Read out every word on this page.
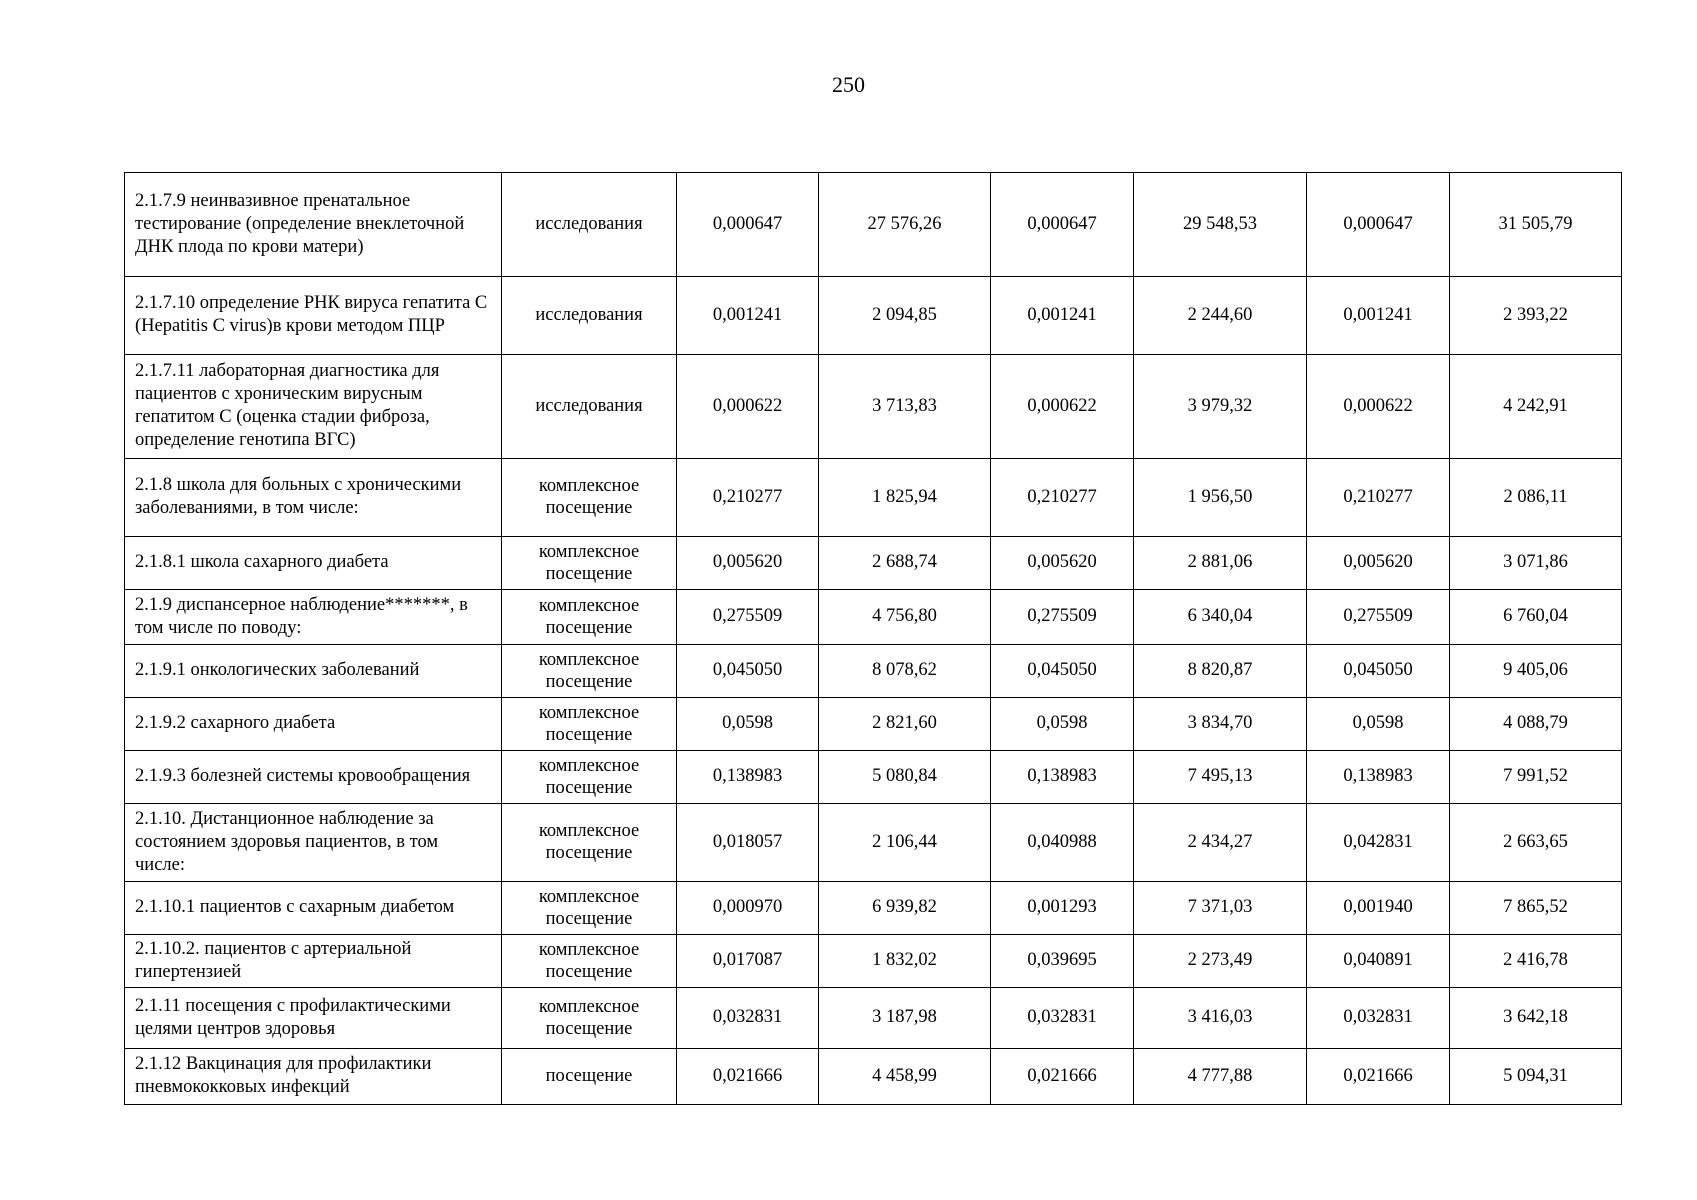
250
2.1.7.9 неинвазивное пренатальное тестирование (определение внеклеточной ДНК плода по крови матери)	исследования	0,000647	27 576,26	0,000647	29 548,53	0,000647	31 505,79
2.1.7.10 определение РНК вируса гепатита С (Hepatitis C virus)в крови методом ПЦР	исследования	0,001241	2 094,85	0,001241	2 244,60	0,001241	2 393,22
2.1.7.11 лабораторная диагностика для пациентов с хроническим вирусным гепатитом С (оценка стадии фиброза, определение генотипа ВГС)	исследования	0,000622	3 713,83	0,000622	3 979,32	0,000622	4 242,91
2.1.8 школа для больных с хроническими заболеваниями, в том числе:	комплексное посещение	0,210277	1 825,94	0,210277	1 956,50	0,210277	2 086,11
2.1.8.1 школа сахарного диабета	комплексное посещение	0,005620	2 688,74	0,005620	2 881,06	0,005620	3 071,86
2.1.9 диспансерное наблюдение*******, в том числе по поводу:	комплексное посещение	0,275509	4 756,80	0,275509	6 340,04	0,275509	6 760,04
2.1.9.1 онкологических заболеваний	комплексное посещение	0,045050	8 078,62	0,045050	8 820,87	0,045050	9 405,06
2.1.9.2 сахарного диабета	комплексное посещение	0,0598	2 821,60	0,0598	3 834,70	0,0598	4 088,79
2.1.9.3 болезней системы кровообращения	комплексное посещение	0,138983	5 080,84	0,138983	7 495,13	0,138983	7 991,52
2.1.10. Дистанционное наблюдение за состоянием здоровья пациентов, в том числе:	комплексное посещение	0,018057	2 106,44	0,040988	2 434,27	0,042831	2 663,65
2.1.10.1 пациентов с сахарным диабетом	комплексное посещение	0,000970	6 939,82	0,001293	7 371,03	0,001940	7 865,52
2.1.10.2. пациентов с артериальной гипертензией	комплексное посещение	0,017087	1 832,02	0,039695	2 273,49	0,040891	2 416,78
2.1.11 посещения с профилактическими целями центров здоровья	комплексное посещение	0,032831	3 187,98	0,032831	3 416,03	0,032831	3 642,18
2.1.12 Вакцинация для профилактики пневмококковых инфекций	посещение	0,021666	4 458,99	0,021666	4 777,88	0,021666	5 094,31
